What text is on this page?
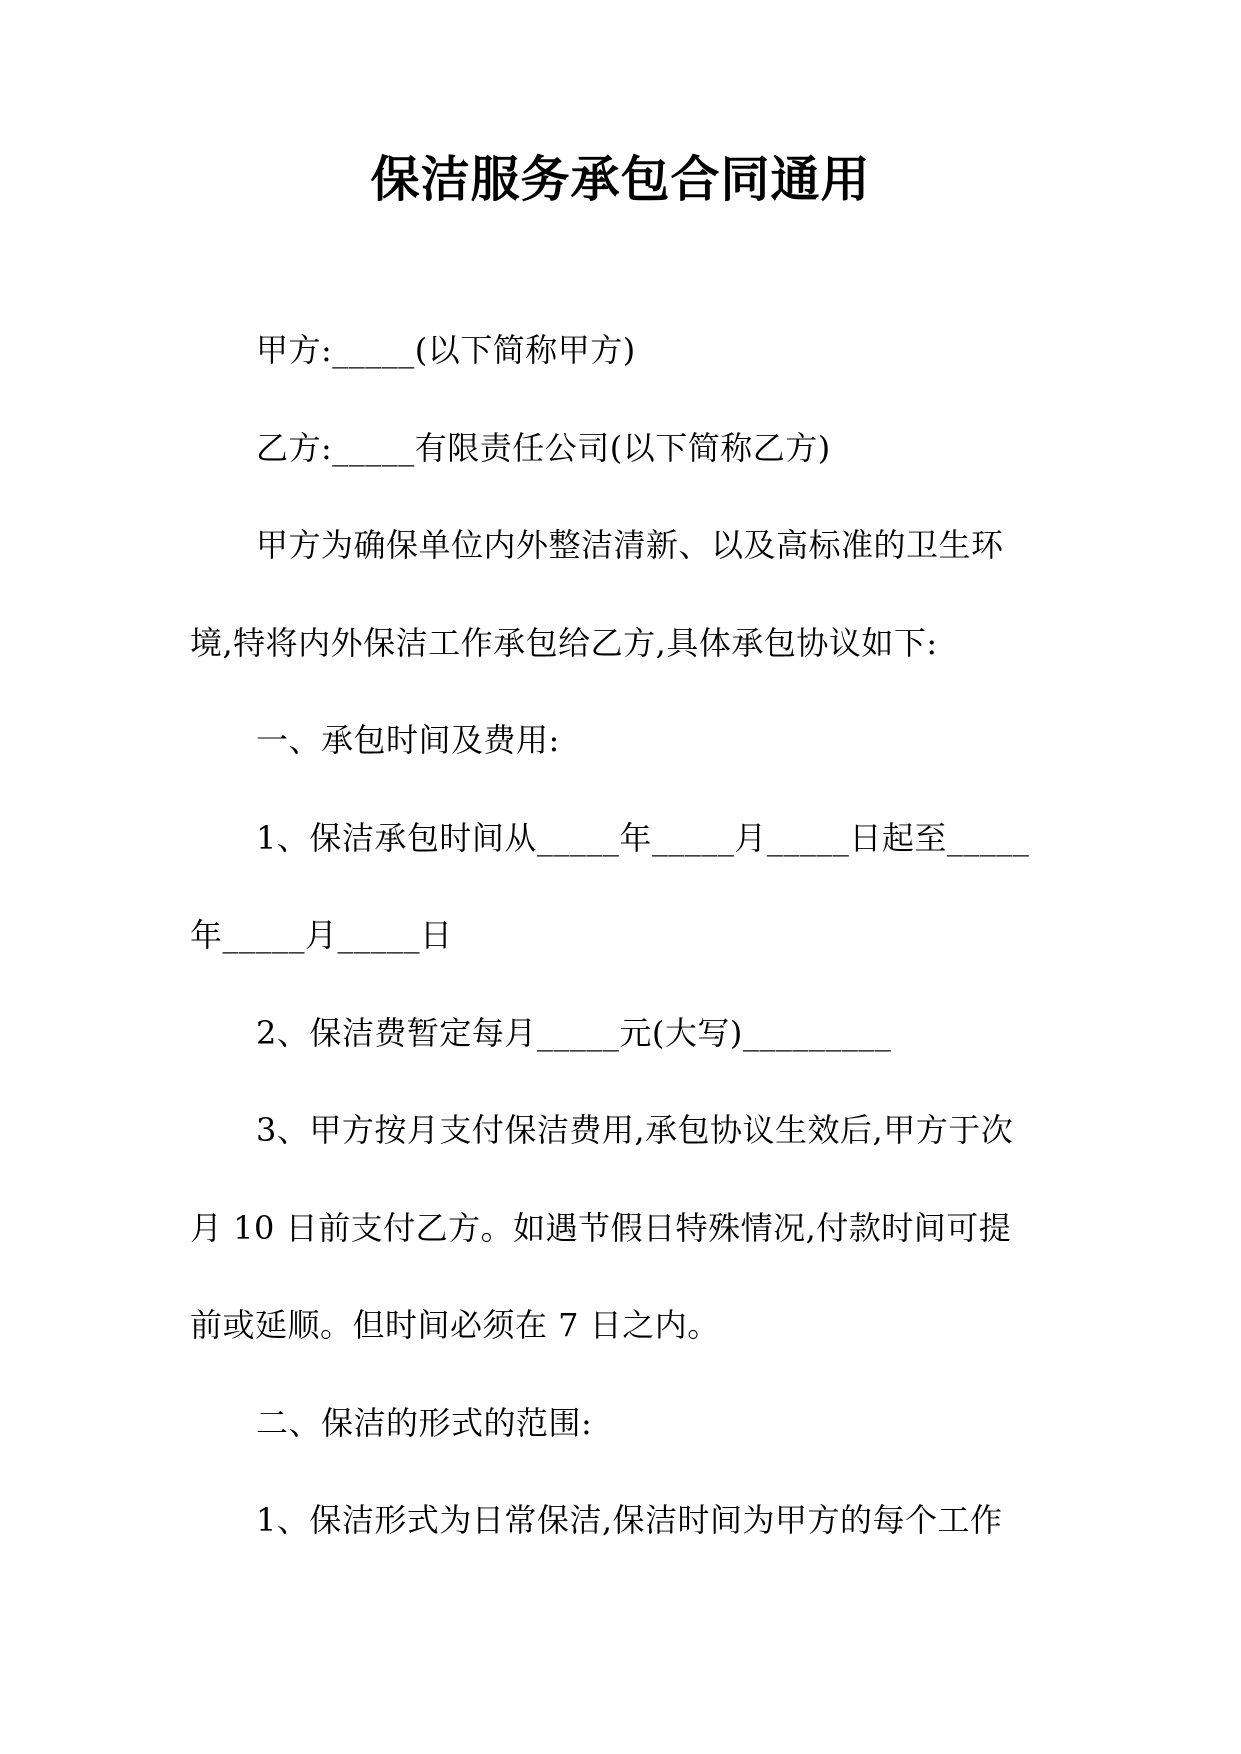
保洁服务承包合同通用

甲方:_____(以下简称甲方)

乙方:_____有限责任公司(以下简称乙方)

甲方为确保单位内外整洁清新、以及高标准的卫生环

境,特将内外保洁工作承包给乙方,具体承包协议如下:

一、承包时间及费用:

1、保洁承包时间从_____年_____月_____日起至_____

年_____月_____日

2、保洁费暂定每月_____元(大写)_________

3、甲方按月支付保洁费用,承包协议生效后,甲方于次

月 10 日前支付乙方。如遇节假日特殊情况,付款时间可提

前或延顺。但时间必须在 7 日之内。

二、保洁的形式的范围:

1、保洁形式为日常保洁,保洁时间为甲方的每个工作
